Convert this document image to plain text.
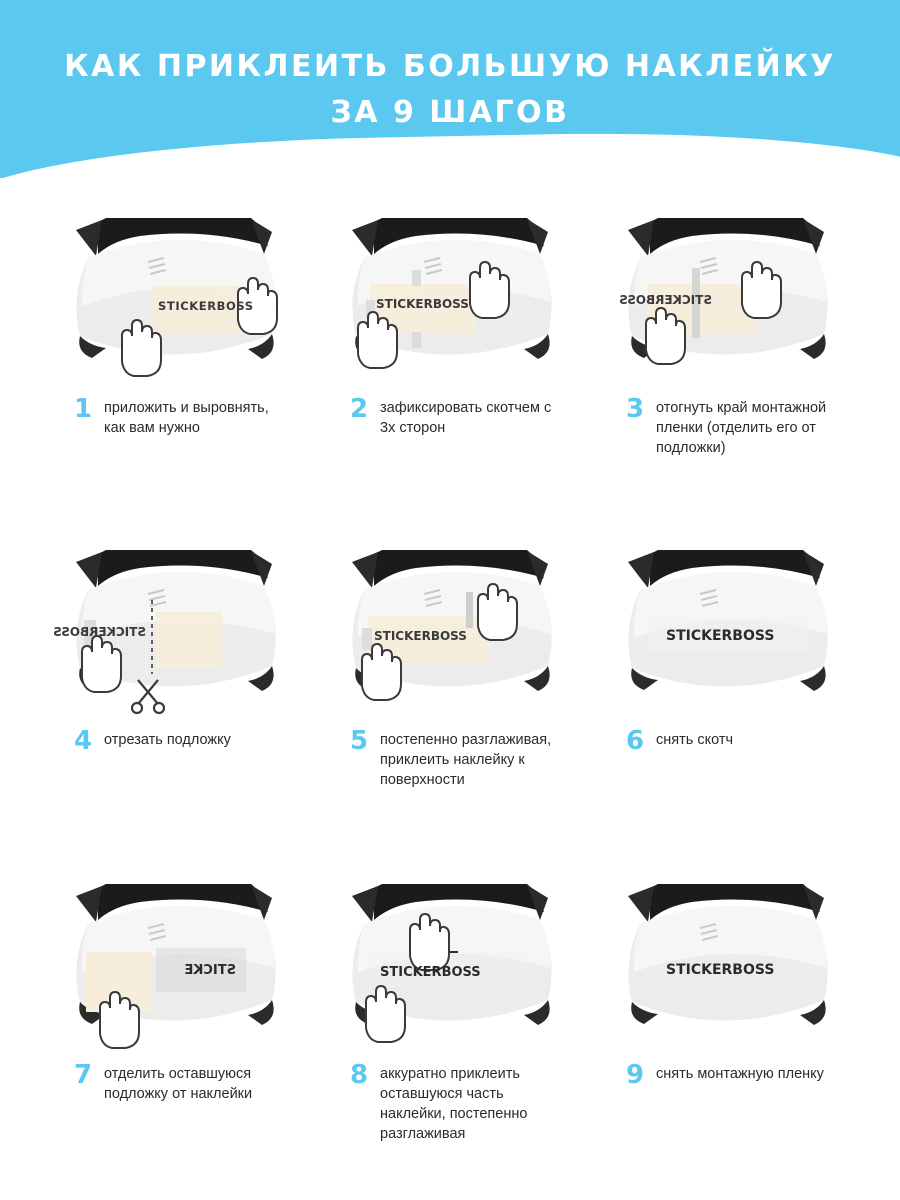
КАК ПРИКЛЕИТЬ БОЛЬШУЮ НАКЛЕЙКУ
ЗА 9 ШАГОВ
STICKERBOSS
1 приложить и выровнять, как вам нужно
STICKERBOSS
2 зафиксировать скотчем с 3х сторон
STICKERBOSS
3 отогнуть край монтажной пленки (отделить его от подложки)
STICKERBOSS
4 отрезать подложку
STICKERBOSS
5 постепенно разглаживая, приклеить наклейку к поверхности
STICKERBOSS
6 снять скотч
STICKE
7 отделить оставшуюся подложку от наклейки
STICKERBOSS
8 аккуратно приклеить оставшуюся часть наклейки, постепенно разглаживая
STICKERBOSS
9 снять монтажную пленку
